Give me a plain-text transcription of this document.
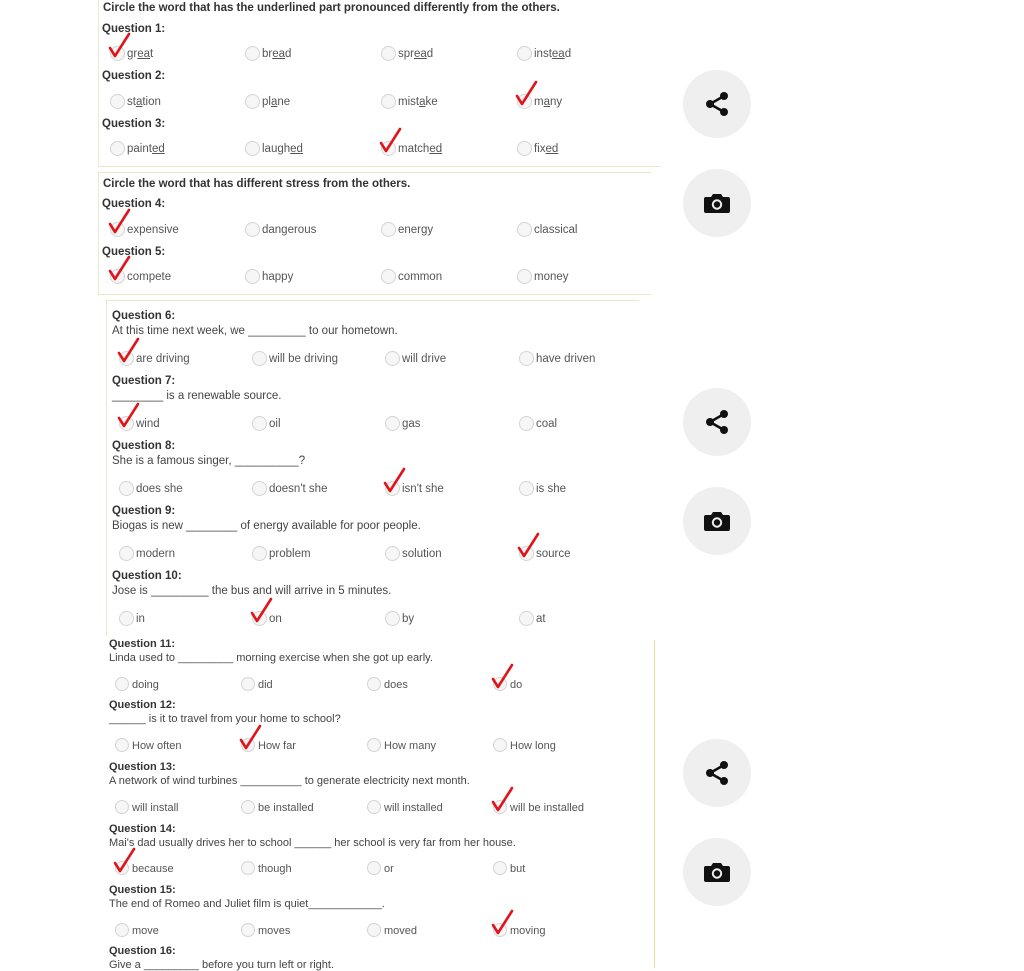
Circle the word that has the underlined part pronounced differently from the others.
Circle the word that has different stress from the others.
Question 1:
great	bread	spread	instead
Question 2:
station	plane	mistake	many
Question 3:
painted	laughed	matched	fixed
Question 4:
expensive	dangerous	energy	classical
Question 5:
compete	happy	common	money
Question 6:
At this time next week, we _________ to our hometown.
are driving	will be driving	will drive	have driven
Question 7:
________ is a renewable source.
wind	oil	gas	coal
Question 8:
She is a famous singer, __________?
does she	doesn't she	isn't she	is she
Question 9:
Biogas is new ________ of energy available for poor people.
modern	problem	solution	source
Question 10:
Jose is _________ the bus and will arrive in 5 minutes.
in	on	by	at
Question 11:
Linda used to _________ morning exercise when she got up early.
doing	did	does	do
Question 12:
______ is it to travel from your home to school?
How often	How far	How many	How long
Question 13:
A network of wind turbines __________ to generate electricity next month.
will install	be installed	will installed	will be installed
Question 14:
Mai's dad usually drives her to school ______ her school is very far from her house.
because	though	or	but
Question 15:
The end of Romeo and Juliet film is quiet____________.
move	moves	moved	moving
Question 16:
Give a _________ before you turn left or right.
